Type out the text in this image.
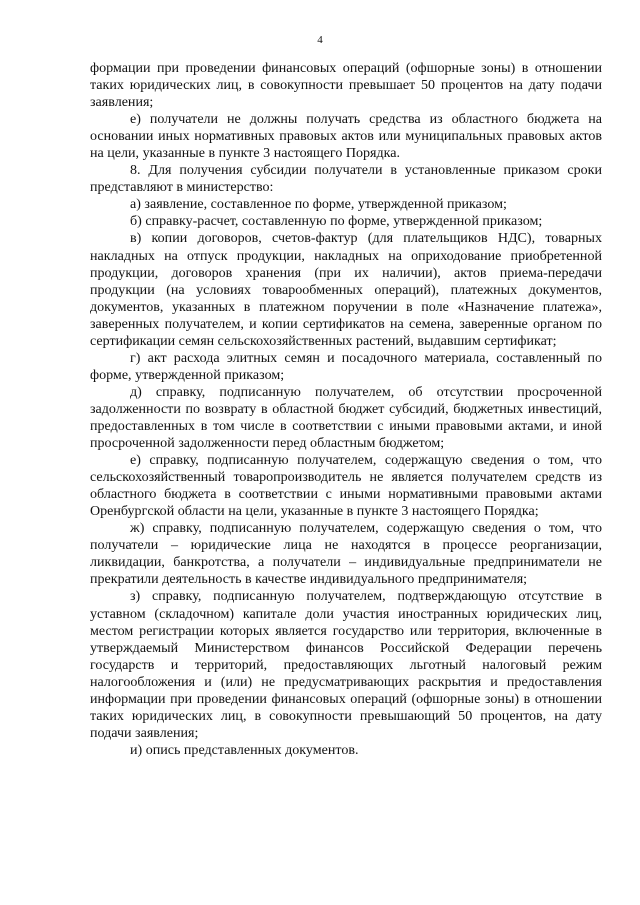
4

формации при проведении финансовых операций (офшорные зоны) в отношении таких юридических лиц, в совокупности превышает 50 процентов на дату подачи заявления;

е) получатели не должны получать средства из областного бюджета на основании иных нормативных правовых актов или муниципальных правовых актов на цели, указанные в пункте 3 настоящего Порядка.

8. Для получения субсидии получатели в установленные приказом сроки представляют в министерство:

а) заявление, составленное по форме, утвержденной приказом;

б) справку-расчет, составленную по форме, утвержденной приказом;

в) копии договоров, счетов-фактур (для плательщиков НДС), товарных накладных на отпуск продукции, накладных на оприходование приобретенной продукции, договоров хранения (при их наличии), актов приема-передачи продукции (на условиях товарообменных операций), платежных документов, документов, указанных в платежном поручении в поле «Назначение платежа», заверенных получателем, и копии сертификатов на семена, заверенные органом по сертификации семян сельскохозяйственных растений, выдавшим сертификат;

г) акт расхода элитных семян и посадочного материала, составленный по форме, утвержденной приказом;

д) справку, подписанную получателем, об отсутствии просроченной задолженности по возврату в областной бюджет субсидий, бюджетных инвестиций, предоставленных в том числе в соответствии с иными правовыми актами, и иной просроченной задолженности перед областным бюджетом;

е) справку, подписанную получателем, содержащую сведения о том, что сельскохозяйственный товаропроизводитель не является получателем средств из областного бюджета в соответствии с иными нормативными правовыми актами Оренбургской области на цели, указанные в пункте 3 настоящего Порядка;

ж) справку, подписанную получателем, содержащую сведения о том, что получатели – юридические лица не находятся в процессе реорганизации, ликвидации, банкротства, а получатели – индивидуальные предприниматели не прекратили деятельность в качестве индивидуального предпринимателя;

з) справку, подписанную получателем, подтверждающую отсутствие в уставном (складочном) капитале доли участия иностранных юридических лиц, местом регистрации которых является государство или территория, включенные в утверждаемый Министерством финансов Российской Федерации перечень государств и территорий, предоставляющих льготный налоговый режим налогообложения и (или) не предусматривающих раскрытия и предоставления информации при проведении финансовых операций (офшорные зоны) в отношении таких юридических лиц, в совокупности превышающий 50 процентов, на дату подачи заявления;

и) опись представленных документов.
